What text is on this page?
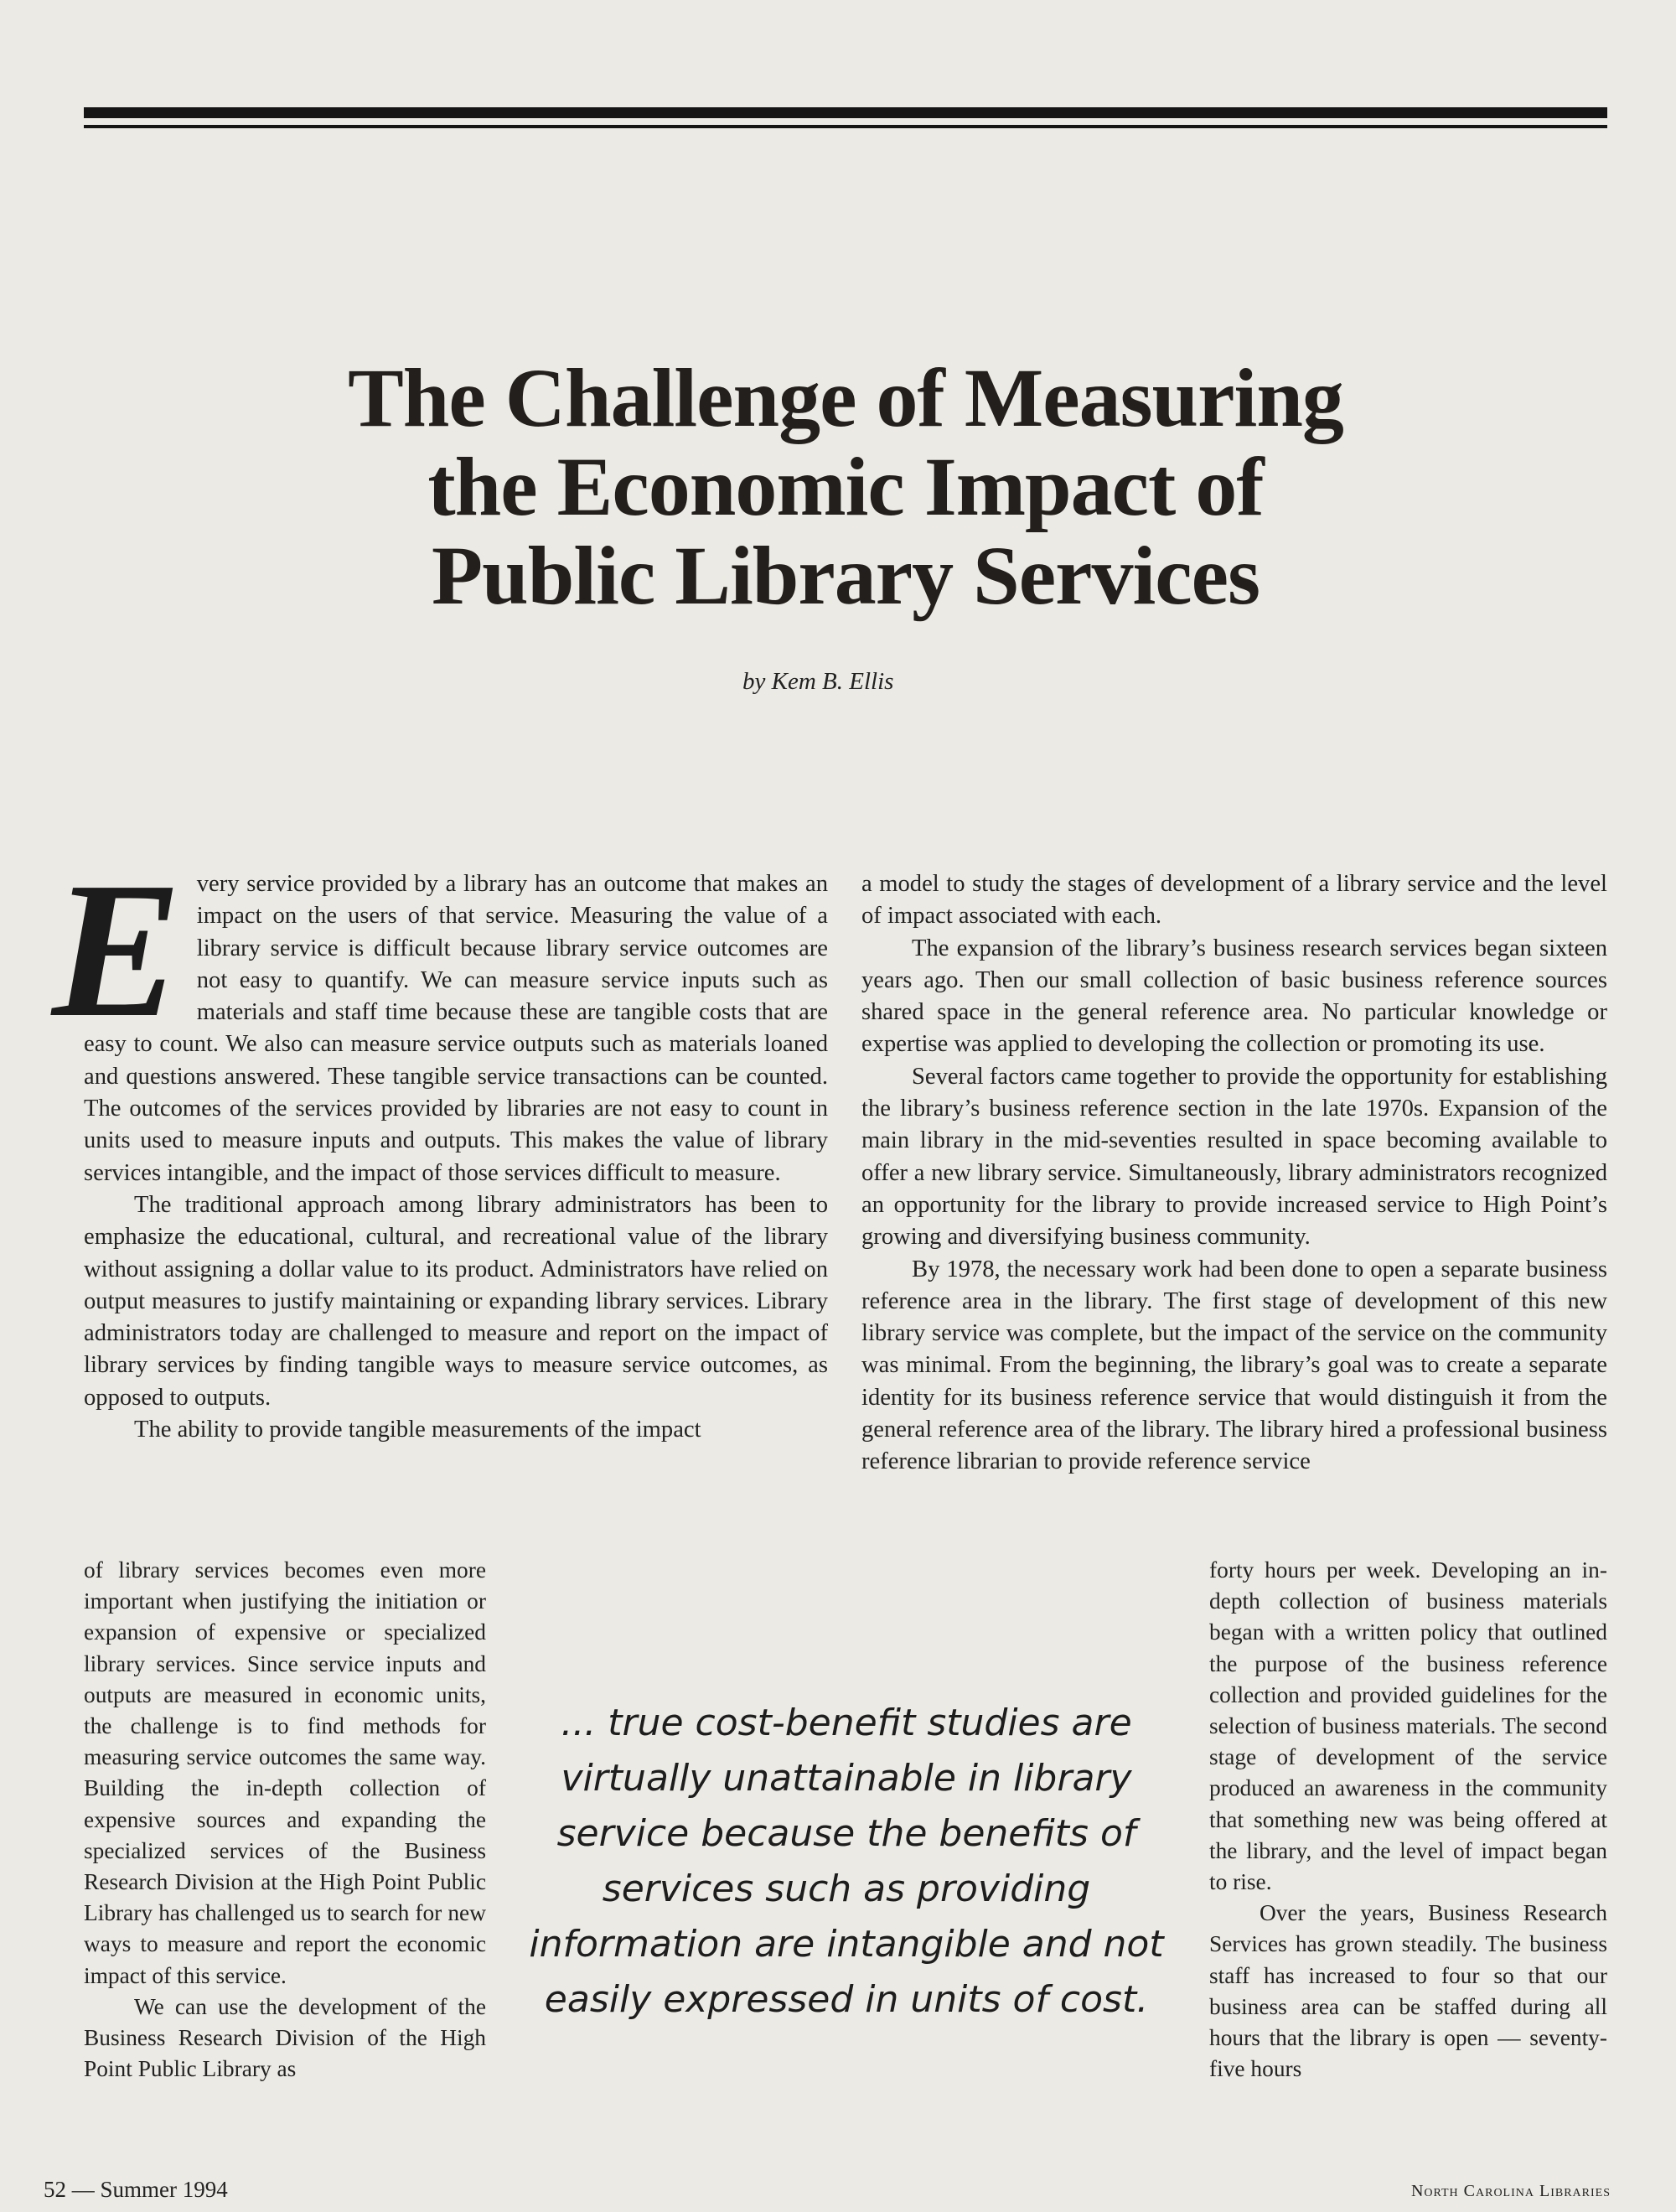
The Challenge of Measuring
the Economic Impact of
Public Library Services
by Kem B. Ellis

Every service provided by a library has an outcome that makes an impact on the users of that service. Measuring the value of a library service is difficult because library service outcomes are not easy to quantify. We can measure service inputs such as materials and staff time because these are tangible costs that are easy to count. We also can measure service outputs such as materials loaned and questions answered. These tangible service transactions can be counted. The outcomes of the services provided by libraries are not easy to count in units used to measure inputs and outputs. This makes the value of library services intangible, and the impact of those services difficult to measure.

The traditional approach among library administrators has been to emphasize the educational, cultural, and recreational value of the library without assigning a dollar value to its product. Administrators have relied on output measures to justify maintaining or expanding library services. Library administrators today are challenged to measure and report on the impact of library services by finding tangible ways to measure service outcomes, as opposed to outputs.

The ability to provide tangible measurements of the impact

of library services becomes even more important when justifying the initiation or expansion of expensive or specialized library services. Since service inputs and outputs are measured in economic units, the challenge is to find methods for measuring service outcomes the same way. Building the in-depth collection of expensive sources and expanding the specialized services of the Business Research Division at the High Point Public Library has challenged us to search for new ways to measure and report the economic impact of this service.

We can use the development of the Business Research Division of the High Point Public Library as

a model to study the stages of development of a library service and the level of impact associated with each.

The expansion of the library’s business research services began sixteen years ago. Then our small collection of basic business reference sources shared space in the general reference area. No particular knowledge or expertise was applied to developing the collection or promoting its use.

Several factors came together to provide the opportunity for establishing the library’s business reference section in the late 1970s. Expansion of the main library in the mid-seventies resulted in space becoming available to offer a new library service. Simultaneously, library administrators recognized an opportunity for the library to provide increased service to High Point’s growing and diversifying business community.

By 1978, the necessary work had been done to open a separate business reference area in the library. The first stage of development of this new library service was complete, but the impact of the service on the community was minimal. From the beginning, the library’s goal was to create a separate identity for its business reference service that would distinguish it from the general reference area of the library. The library hired a professional business reference librarian to provide reference service

forty hours per week. Developing an in-depth collection of business materials began with a written policy that outlined the purpose of the business reference collection and provided guidelines for the selection of business materials. The second stage of development of the service produced an awareness in the community that something new was being offered at the library, and the level of impact began to rise.

Over the years, Business Research Services has grown steadily. The business staff has increased to four so that our business area can be staffed during all hours that the library is open — seventy-five hours

... true cost-benefit studies are virtually unattainable in library service because the benefits of services such as providing information are intangible and not easily expressed in units of cost.
52 — Summer 1994	North Carolina Libraries
